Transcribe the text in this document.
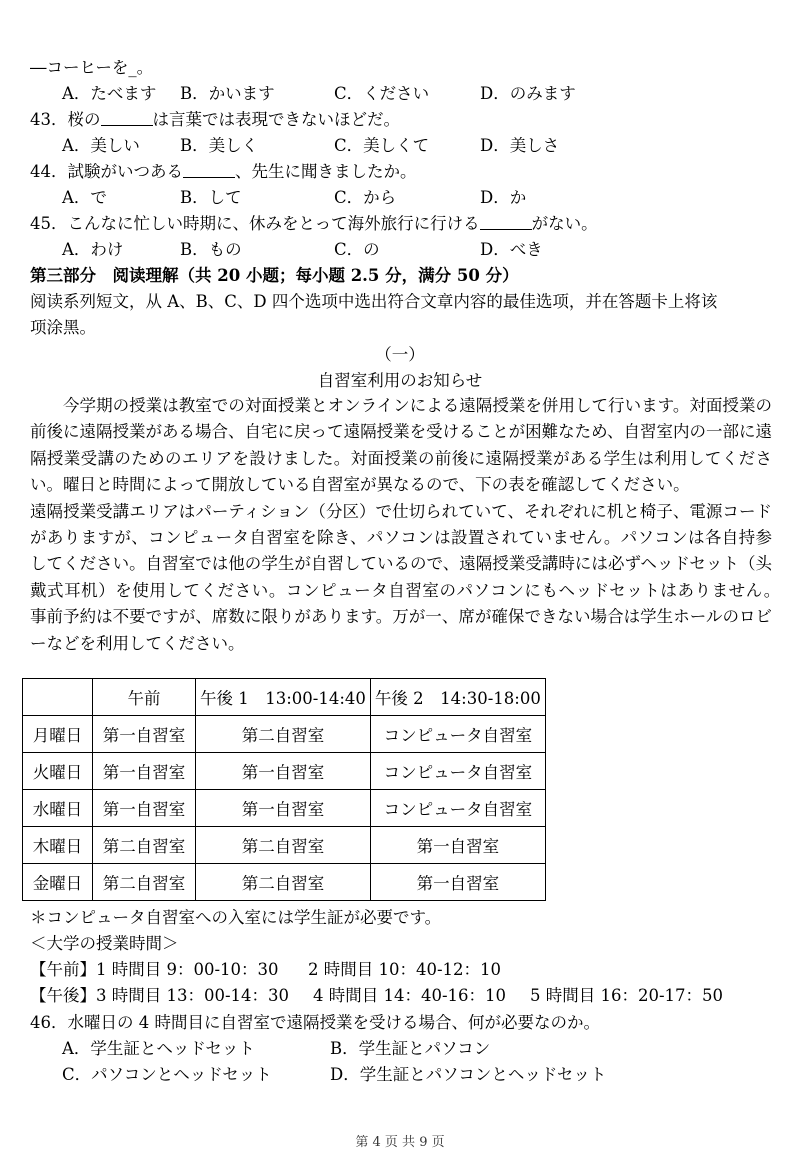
―コーヒーを_。
A．たべます B．かいます	C．ください	D．のみます
43．桜の	は言葉では表現できないほどだ。
A．美しい B．美しく	C．美しくて	D．美しさ
44．試験がいつある	、先生に聞きましたか。
A．で	B．して	C．から	D．か
45．こんなに忙しい時期に、休みをとって海外旅行に行ける	がない。
A．わけ	B．もの	C．の	D．べき
第三部分　阅读理解（共 20 小题；每小题 2.5 分，满分 50 分）
阅读系列短文，从 A、B、C、D 四个选项中选出符合文章内容的最佳选项，并在答题卡上将该
项涂黑。
（一）
自習室利用のお知らせ

今学期の授業は教室での対面授業とオンラインによる遠隔授業を併用して行います。対面授業の前後に遠隔授業がある場合、自宅に戻って遠隔授業を受けることが困難なため、自習室内の一部に遠隔授業受講のためのエリアを設けました。対面授業の前後に遠隔授業がある学生は利用してください。曜日と時間によって開放している自習室が異なるので、下の表を確認してください。

遠隔授業受講エリアはパーティション（分区）で仕切られていて、それぞれに机と椅子、電源コードがありますが、コンピュータ自習室を除き、パソコンは設置されていません。パソコンは各自持参してください。自習室では他の学生が自習しているので、遠隔授業受講時には必ずヘッドセット（头戴式耳机）を使用してください。コンピュータ自習室のパソコンにもヘッドセットはありません。　事前予約は不要ですが、席数に限りがあります。万が一、席が確保できない場合は学生ホールのロビーなどを利用してください。

	午前	午後 1　13:00-14:40	午後 2　14:30-18:00
月曜日	第一自習室	第二自習室	コンピュータ自習室
火曜日	第一自習室	第一自習室	コンピュータ自習室
水曜日	第一自習室	第一自習室	コンピュータ自習室
木曜日	第二自習室	第二自習室	第一自習室
金曜日	第二自習室	第二自習室	第一自習室
＊コンピュータ自習室への入室には学生証が必要です。
＜大学の授業時間＞
【午前】1 時間目 9：00-10：30 2 時間目 10：40-12：10
【午後】3 時間目 13：00-14：30 4 時間目 14：40-16：10 5 時間目 16：20-17：50
46．水曜日の 4 時間目に自習室で遠隔授業を受ける場合、何が必要なのか。
A．学生証とヘッドセット	B．学生証とパソコン
C．パソコンとヘッドセット	D．学生証とパソコンとヘッドセット
第 4 页 共 9 页
